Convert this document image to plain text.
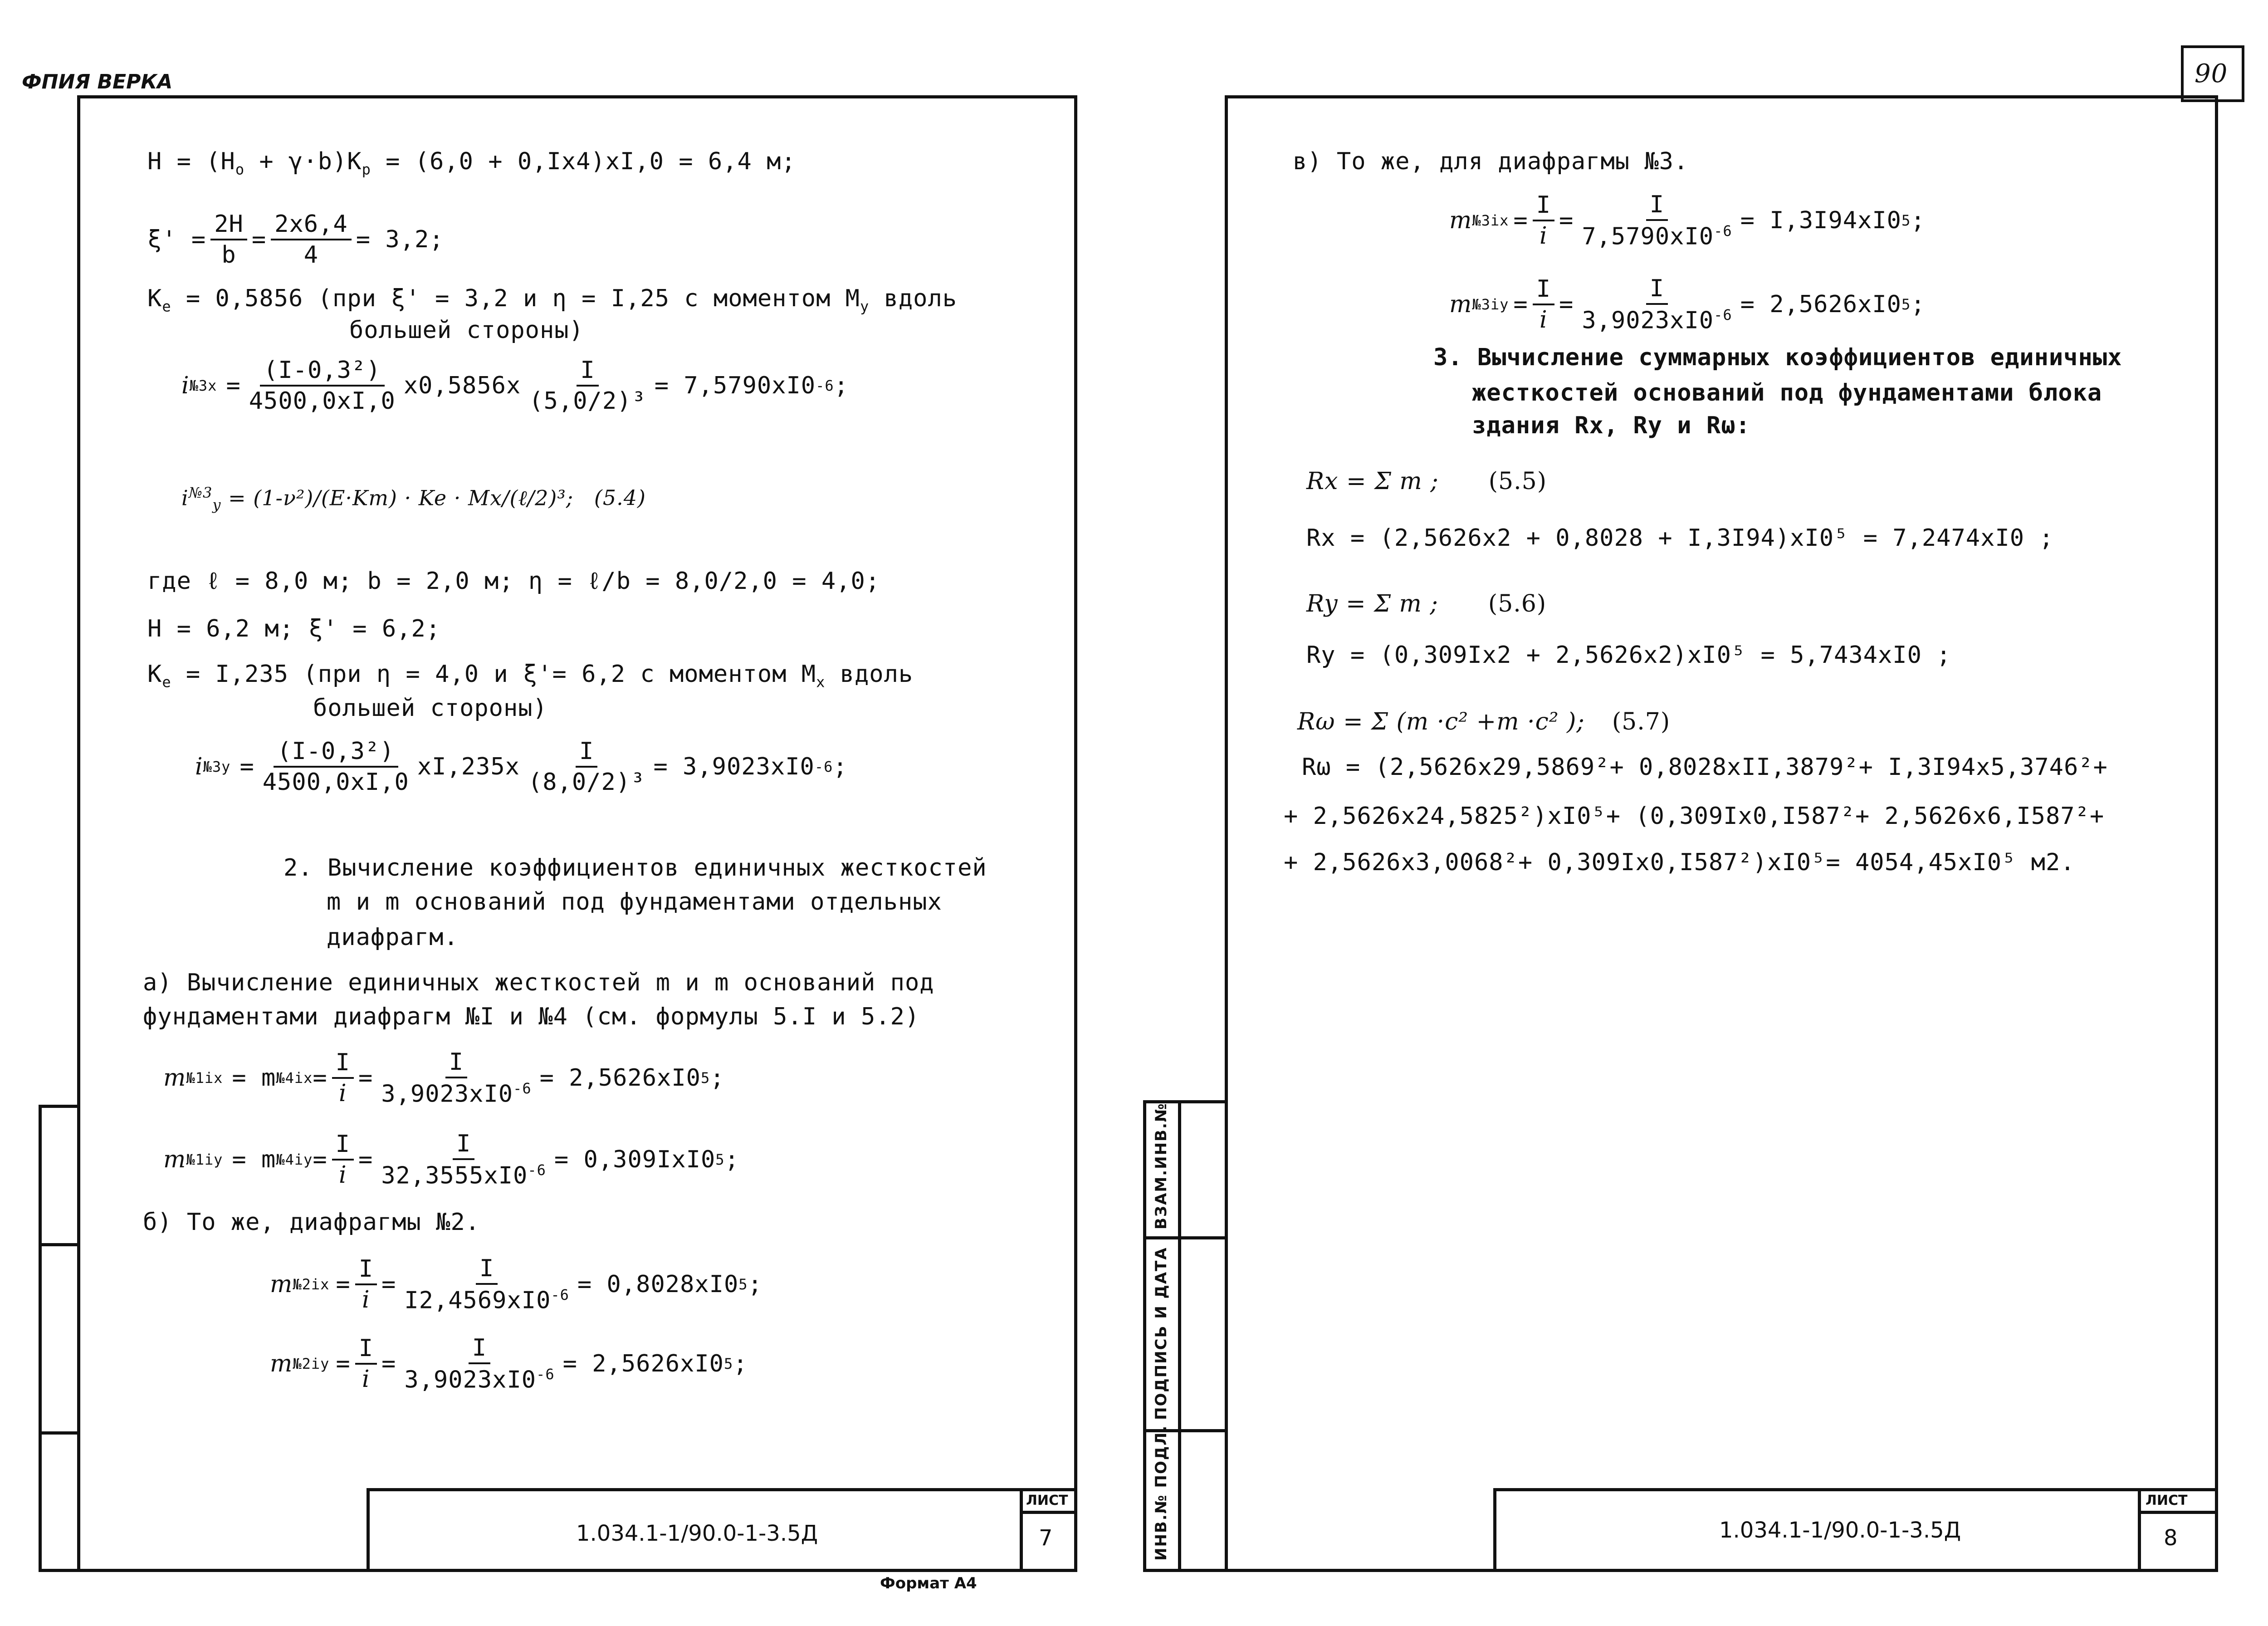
ФПИЯ ВЕРКА	90
$H = (H_o + \gamma\cdot b)K_p = (6,0 + 0,Ix4)xI,0 = 6,4$ м;
$\xi' = \frac{2H}{b} = \frac{2x6,4}{4} = 3,2$;
$K_e = 0,5856$ (при ξ' = 3,2 и η = I,25 с моментом $M_y$ вдоль
большей стороны)
i №3 $x = \frac{\text{(I-0,3²)}}{4500,0xI,0} x0,5856x \frac{I}{\text{(5,0/2)³}} = 7,5790xI0$ -6 ;
$i^{№3}_y = (1-\nu^2)/(E\cdot Km) \cdot Ke$ · Mx/(ℓ/2)³; (5.4)
где ℓ = 8,0 м; b = 2,0 м; η = ℓ/b = 8,0/2,0 = 4,0;
H = 6,2 м; ξ' = 6,2;
$K_e = I,235$ (при η = 4,0 и ξ'= 6,2 с моментом $M_x$ вдоль
большей стороны)
i №3 $y = \frac{\text{(I-0,3²)}}{4500,0xI,0} xI,235x \frac{I}{\text{(8,0/2)³}} = 3,9023xI0$ -6 ;
2. Вычисление коэффициентов единичных жесткостей
m и m оснований под фундаментами отдельных
диафрагм.
а) Вычисление единичных жесткостей m и m оснований под
фундаментами диафрагм №I и №4 (см. формулы 5.I и 5.2)
m №1 ix = m №4 ix = $\frac{I}{i} = \frac{I}{3,9023xI0^{-6}} = 2,5626xI0$ 5 ;
m №1 iy = m №4 iy = $\frac{I}{i} = \frac{I}{32,3555xI0^{-6}} = 0,309IxI0$ 5 ;
б) То же, диафрагмы №2.
m №2 ix = $\frac{I}{i} = \frac{I}{I2,4569xI0^{-6}} = 0,8028xI0$ 5 ;
m №2 iy = $\frac{I}{i} = \frac{I}{3,9023xI0^{-6}} = 2,5626xI0$ 5 ;
1.034.1-1/90.0-1-3.5Д
ЛИСТ
7
Формат А4
ВЗАМ.ИНВ.№
ПОДПИСЬ И ДАТА
ИНВ.№ ПОДЛ.
в) То же, для диафрагмы №3.
m №3 ix = $\frac{I}{i} = \frac{I}{7,5790xI0^{-6}} = I,3I94xI0$ 5 ;
m №3 iy = $\frac{I}{i} = \frac{I}{3,9023xI0^{-6}} = 2,5626xI0$ 5 ;
3. Вычисление суммарных коэффициентов единичных
жесткостей оснований под фундаментами блока
здания Rx, Ry и Rω:
Rx = Σ m ; (5.5)
Rx = (2,5626x2 + 0,8028 + I,3I94)xI0⁵ = 7,2474xI0 ;
Ry = Σ m ; (5.6)
Ry = (0,309Ix2 + 2,5626x2)xI0⁵ = 5,7434xI0 ;
Rω = Σ (m ·c² +m ·c² ); (5.7)
Rω = (2,5626x29,5869²+ 0,8028xII,3879²+ I,3I94x5,3746²+
+ 2,5626x24,5825²)xI0⁵+ (0,309Ix0,I587²+ 2,5626x6,I587²+
+ 2,5626x3,0068²+ 0,309Ix0,I587²)xI0⁵= 4054,45xI0⁵ м2.
1.034.1-1/90.0-1-3.5Д
ЛИСТ
8
